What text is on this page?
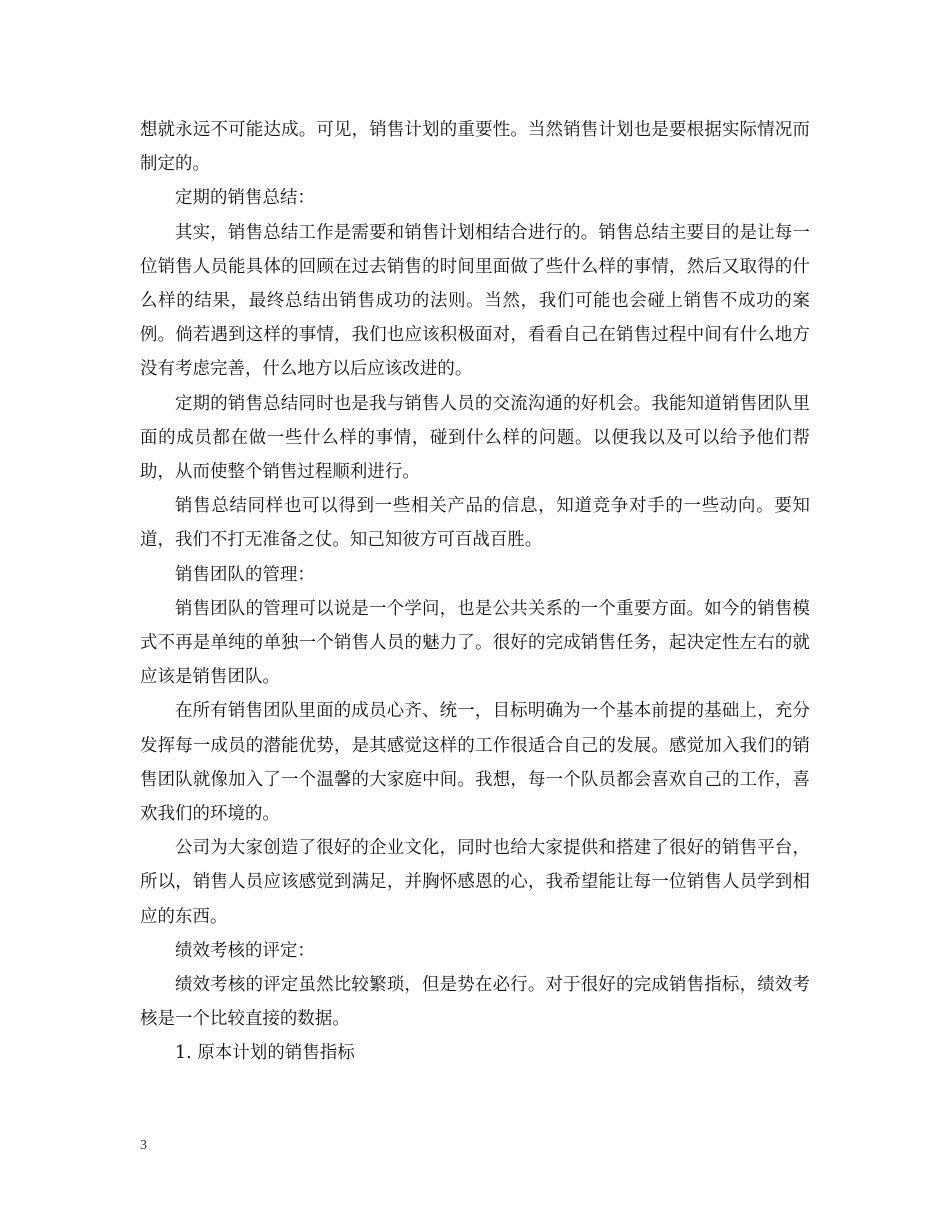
想就永远不可能达成。可见，销售计划的重要性。当然销售计划也是要根据实际情况而制定的。

定期的销售总结：

其实，销售总结工作是需要和销售计划相结合进行的。销售总结主要目的是让每一位销售人员能具体的回顾在过去销售的时间里面做了些什么样的事情，然后又取得的什么样的结果，最终总结出销售成功的法则。当然，我们可能也会碰上销售不成功的案例。倘若遇到这样的事情，我们也应该积极面对，看看自己在销售过程中间有什么地方没有考虑完善，什么地方以后应该改进的。

定期的销售总结同时也是我与销售人员的交流沟通的好机会。我能知道销售团队里面的成员都在做一些什么样的事情，碰到什么样的问题。以便我以及可以给予他们帮助，从而使整个销售过程顺利进行。

销售总结同样也可以得到一些相关产品的信息，知道竞争对手的一些动向。要知道，我们不打无准备之仗。知己知彼方可百战百胜。

销售团队的管理：

销售团队的管理可以说是一个学问，也是公共关系的一个重要方面。如今的销售模式不再是单纯的单独一个销售人员的魅力了。很好的完成销售任务，起决定性左右的就应该是销售团队。

在所有销售团队里面的成员心齐、统一，目标明确为一个基本前提的基础上，充分发挥每一成员的潜能优势，是其感觉这样的工作很适合自己的发展。感觉加入我们的销售团队就像加入了一个温馨的大家庭中间。我想，每一个队员都会喜欢自己的工作，喜欢我们的环境的。

公司为大家创造了很好的企业文化，同时也给大家提供和搭建了很好的销售平台，所以，销售人员应该感觉到满足，并胸怀感恩的心，我希望能让每一位销售人员学到相应的东西。

绩效考核的评定：

绩效考核的评定虽然比较繁琐，但是势在必行。对于很好的完成销售指标，绩效考核是一个比较直接的数据。

1. 原本计划的销售指标

3
